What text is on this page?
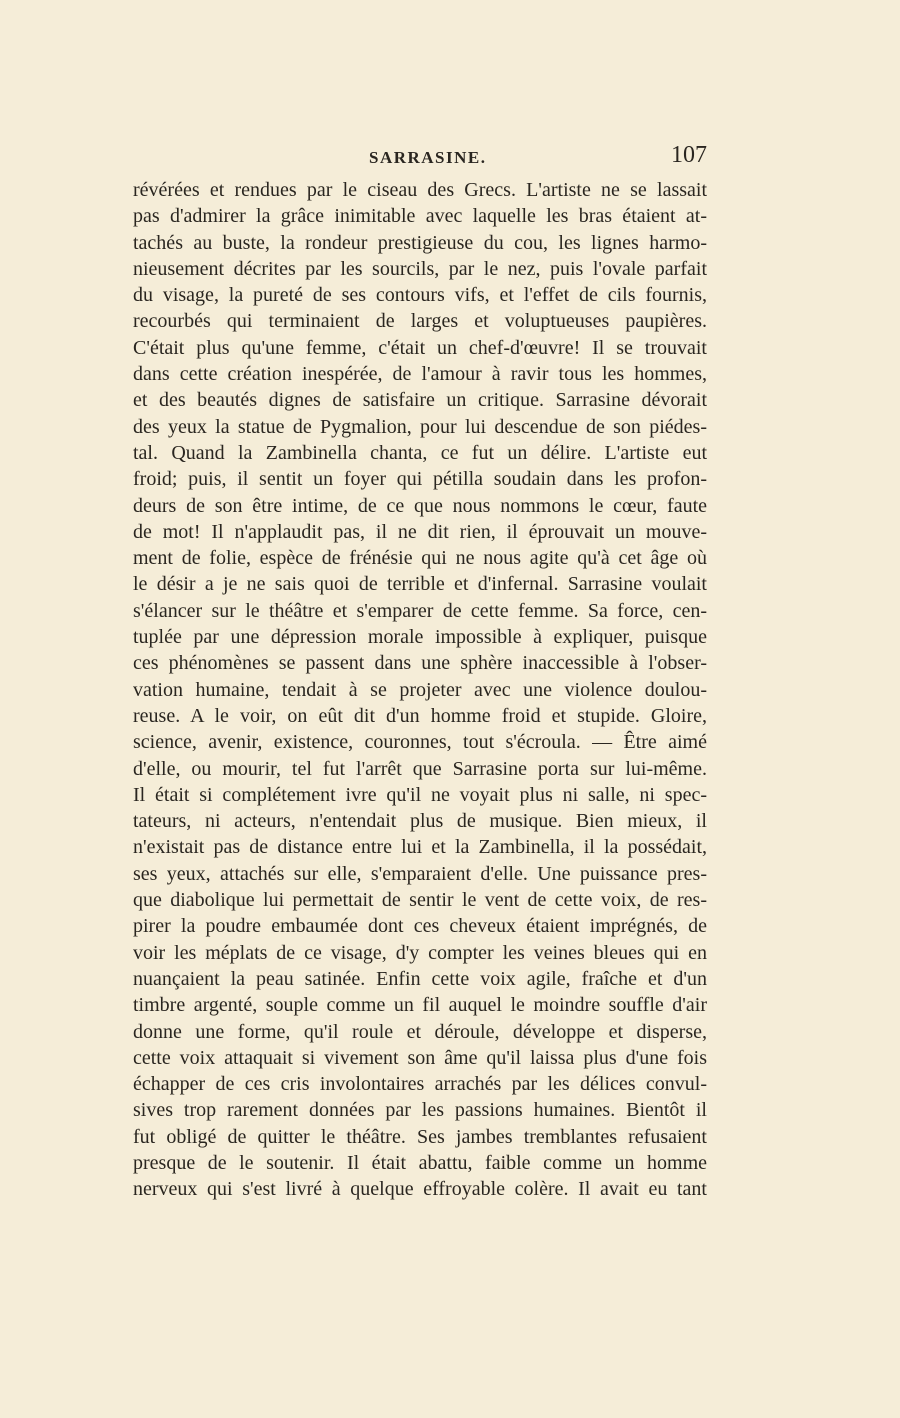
SARRASINE.	107
révérées et rendues par le ciseau des Grecs. L'artiste ne se lassait
pas d'admirer la grâce inimitable avec laquelle les bras étaient at-
tachés au buste, la rondeur prestigieuse du cou, les lignes harmo-
nieusement décrites par les sourcils, par le nez, puis l'ovale parfait
du visage, la pureté de ses contours vifs, et l'effet de cils fournis,
recourbés qui terminaient de larges et voluptueuses paupières.
C'était plus qu'une femme, c'était un chef-d'œuvre! Il se trouvait
dans cette création inespérée, de l'amour à ravir tous les hommes,
et des beautés dignes de satisfaire un critique. Sarrasine dévorait
des yeux la statue de Pygmalion, pour lui descendue de son piédes-
tal. Quand la Zambinella chanta, ce fut un délire. L'artiste eut
froid; puis, il sentit un foyer qui pétilla soudain dans les profon-
deurs de son être intime, de ce que nous nommons le cœur, faute
de mot! Il n'applaudit pas, il ne dit rien, il éprouvait un mouve-
ment de folie, espèce de frénésie qui ne nous agite qu'à cet âge où
le désir a je ne sais quoi de terrible et d'infernal. Sarrasine voulait
s'élancer sur le théâtre et s'emparer de cette femme. Sa force, cen-
tuplée par une dépression morale impossible à expliquer, puisque
ces phénomènes se passent dans une sphère inaccessible à l'obser-
vation humaine, tendait à se projeter avec une violence doulou-
reuse. A le voir, on eût dit d'un homme froid et stupide. Gloire,
science, avenir, existence, couronnes, tout s'écroula. — Être aimé
d'elle, ou mourir, tel fut l'arrêt que Sarrasine porta sur lui-même.
Il était si complétement ivre qu'il ne voyait plus ni salle, ni spec-
tateurs, ni acteurs, n'entendait plus de musique. Bien mieux, il
n'existait pas de distance entre lui et la Zambinella, il la possédait,
ses yeux, attachés sur elle, s'emparaient d'elle. Une puissance pres-
que diabolique lui permettait de sentir le vent de cette voix, de res-
pirer la poudre embaumée dont ces cheveux étaient imprégnés, de
voir les méplats de ce visage, d'y compter les veines bleues qui en
nuançaient la peau satinée. Enfin cette voix agile, fraîche et d'un
timbre argenté, souple comme un fil auquel le moindre souffle d'air
donne une forme, qu'il roule et déroule, développe et disperse,
cette voix attaquait si vivement son âme qu'il laissa plus d'une fois
échapper de ces cris involontaires arrachés par les délices convul-
sives trop rarement données par les passions humaines. Bientôt il
fut obligé de quitter le théâtre. Ses jambes tremblantes refusaient
presque de le soutenir. Il était abattu, faible comme un homme
nerveux qui s'est livré à quelque effroyable colère. Il avait eu tant
